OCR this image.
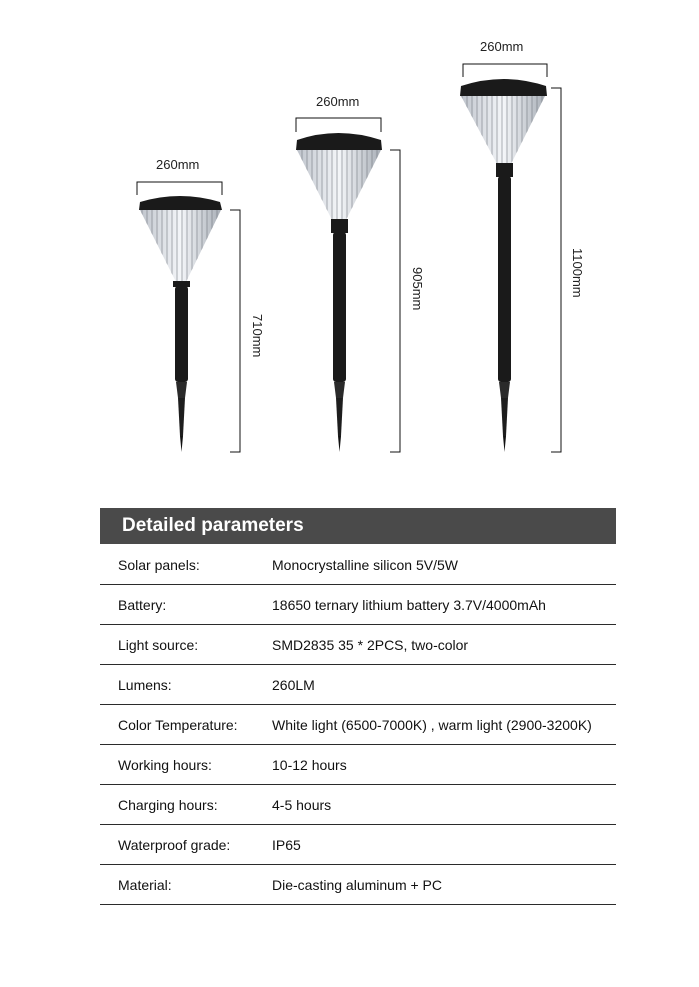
260mm
710mm
260mm
905mm
260mm
1100mm
Detailed parameters
Solar panels:	Monocrystalline silicon 5V/5W
Battery:	18650 ternary lithium battery 3.7V/4000mAh
Light source:	SMD2835 35 * 2PCS, two-color
Lumens:	260LM
Color Temperature:	White light (6500-7000K) , warm light (2900-3200K)
Working hours:	10-12 hours
Charging hours:	4-5 hours
Waterproof grade:	IP65
Material:	Die-casting aluminum + PC
